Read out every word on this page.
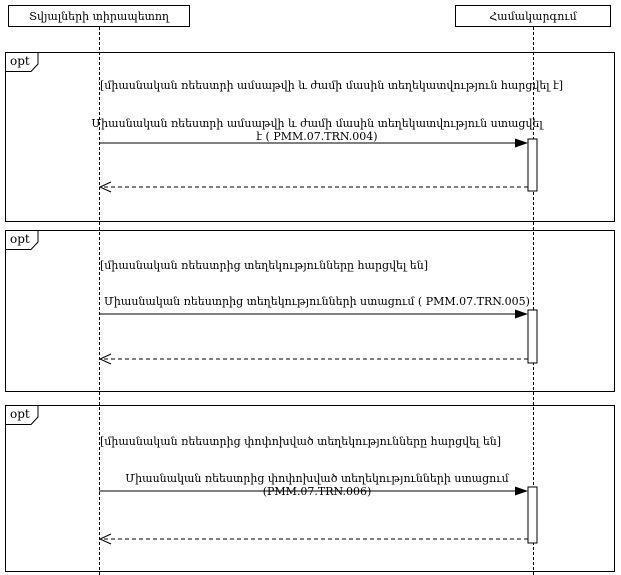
Տվյալների տիրապետող	Համակարգում
opt
[միասնական ռեեստրի ամսաթվի և ժամի մասին տեղեկատվություն հարցվել է]
Միասնական ռեեստրի ամսաթվի և ժամի մասին տեղեկատվություն ստացվել է ( PMM.07.TRN.004)
opt
[միասնական ռեեստրից տեղեկությունները հարցվել են]
Միասնական ռեեստրից տեղեկությունների ստացում ( PMM.07.TRN.005)
opt
[միասնական ռեեստրից փոփոխված տեղեկությունները հարցվել են]
Միասնական ռեեստրից փոփոխված տեղեկությունների ստացում (PMM.07.TRN.006)
